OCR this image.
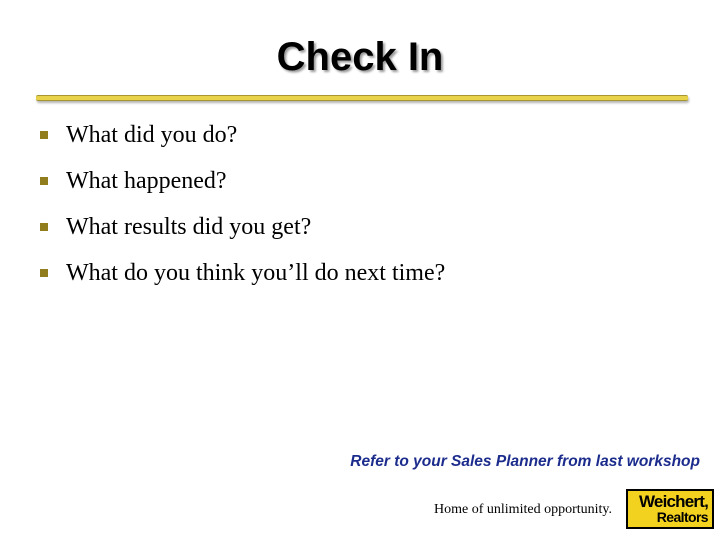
Check In
What did you do?
What happened?
What results did you get?
What do you think you’ll do next time?
Refer to your Sales Planner from last workshop
Home of unlimited opportunity. Weichert,
Realtors
